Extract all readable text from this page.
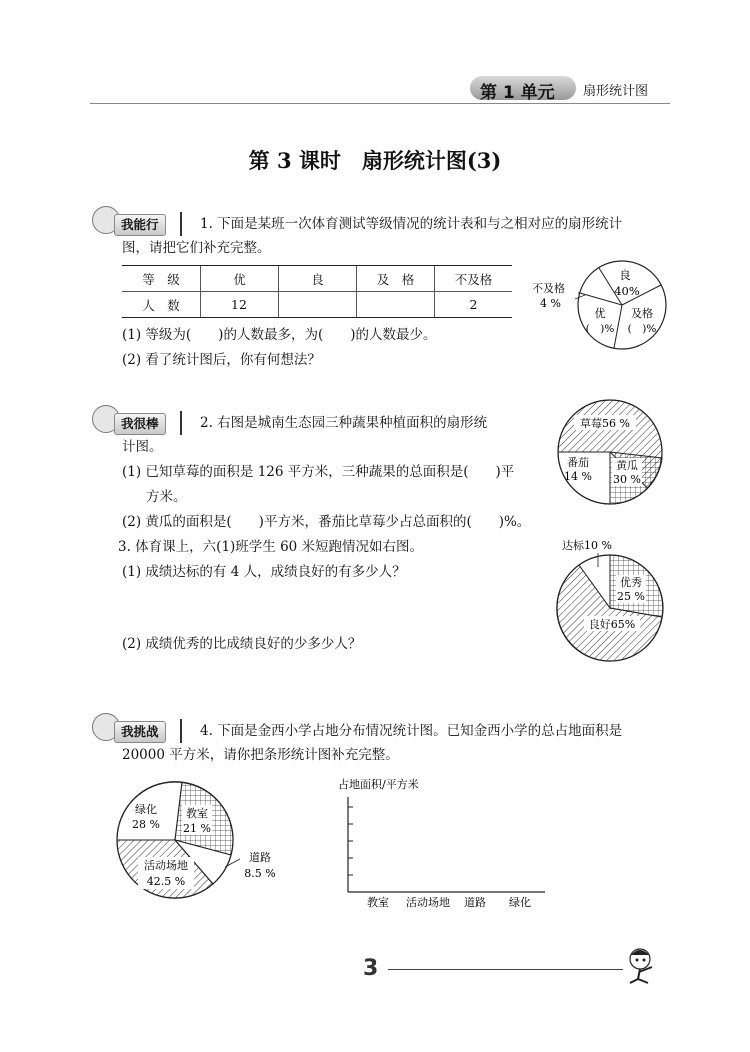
第 1 单元 扇形统计图
第 3 课时　扇形统计图(3)
我能行	1. 下面是某班一次体育测试等级情况的统计表和与之相对应的扇形统计
图，请把它们补充完整。
等　级	优	良	及　格	不及格
人　数	12			2
(1) 等级为(　　)的人数最多，为(　　)的人数最少。
(2) 看了统计图后，你有何想法？
良
40%
不及格
4 %
优
(　)%
及格
(　)%
我很棒	2. 右图是城南生态园三种蔬果种植面积的扇形统
计图。
(1) 已知草莓的面积是 126 平方米，三种蔬果的总面积是(　　)平
方米。
(2) 黄瓜的面积是(　　)平方米，番茄比草莓少占总面积的(　　)%。
草莓56 %
番茄
14 %
黄瓜
30 %
3. 体育课上，六(1)班学生 60 米短跑情况如右图。
(1) 成绩达标的有 4 人，成绩良好的有多少人？
(2) 成绩优秀的比成绩良好的少多少人？
达标10 %
优秀
25 %
良好65%
我挑战	4. 下面是金西小学占地分布情况统计图。已知金西小学的总占地面积是
20000 平方米，请你把条形统计图补充完整。
绿化
28 %
教室
21 %
活动场地
42.5 %
道路
8.5 %
占地面积/平方米
教室 活动场地 道路 绿化
3
